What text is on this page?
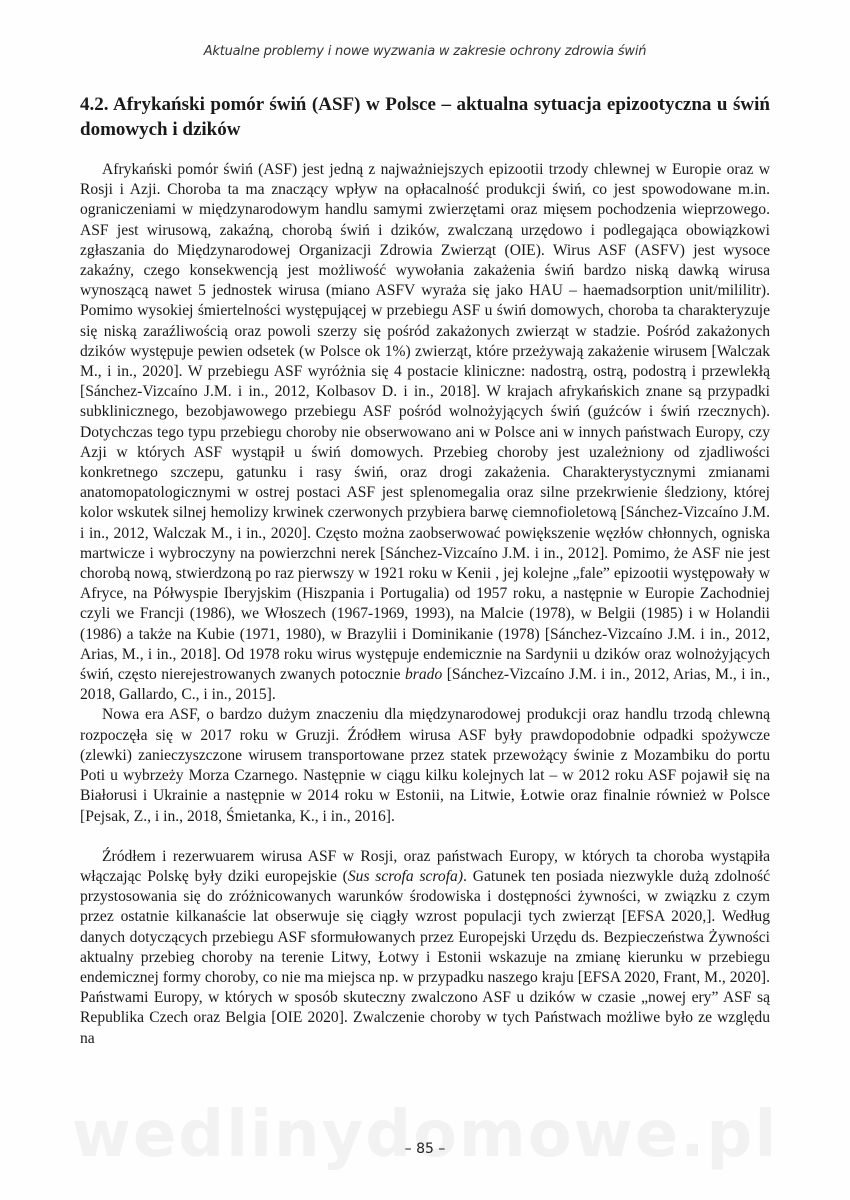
Aktualne problemy i nowe wyzwania w zakresie ochrony zdrowia świń
4.2. Afrykański pomór świń (ASF) w Polsce – aktualna sytuacja epizootyczna u świń domowych i dzików

Afrykański pomór świń (ASF) jest jedną z najważniejszych epizootii trzody chlewnej w Europie oraz w Rosji i Azji. Choroba ta ma znaczący wpływ na opłacalność produkcji świń, co jest spowodowane m.in. ograniczeniami w międzynarodowym handlu samymi zwierzętami oraz mięsem pochodzenia wieprzowego. ASF jest wirusową, zakaźną, chorobą świń i dzików, zwalczaną urzędowo i podlegająca obowiązkowi zgłaszania do Międzynarodowej Organizacji Zdrowia Zwierząt (OIE). Wirus ASF (ASFV) jest wysoce zakaźny, czego konsekwencją jest możliwość wywołania zakażenia świń bardzo niską dawką wirusa wynoszącą nawet 5 jednostek wirusa (miano ASFV wyraża się jako HAU – haemadsorption unit/mililitr). Pomimo wysokiej śmiertelności występującej w przebiegu ASF u świń domowych, choroba ta charakteryzuje się niską zaraźliwością oraz powoli szerzy się pośród zakażonych zwierząt w stadzie. Pośród zakażonych dzików występuje pewien odsetek (w Polsce ok 1%) zwierząt, które przeżywają zakażenie wirusem [Walczak M., i in., 2020]. W przebiegu ASF wyróżnia się 4 postacie kliniczne: nadostrą, ostrą, podostrą i przewlekłą [Sánchez-Vizcaíno J.M. i in., 2012, Kolbasov D. i in., 2018]. W krajach afrykańskich znane są przypadki subklinicznego, bezobjawowego przebiegu ASF pośród wolnożyjących świń (guźców i świń rzecznych). Dotychczas tego typu przebiegu choroby nie obserwowano ani w Polsce ani w innych państwach Europy, czy Azji w których ASF wystąpił u świń domowych. Przebieg choroby jest uzależniony od zjadliwości konkretnego szczepu, gatunku i rasy świń, oraz drogi zakażenia. Charakterystycznymi zmianami anatomopatologicznymi w ostrej postaci ASF jest splenomegalia oraz silne przekrwienie śledziony, której kolor wskutek silnej hemolizy krwinek czerwonych przybiera barwę ciemnofioletową [Sánchez-Vizcaíno J.M. i in., 2012, Walczak M., i in., 2020]. Często można zaobserwować powiększenie węzłów chłonnych, ogniska martwicze i wybroczyny na powierzchni nerek [Sánchez-Vizcaíno J.M. i in., 2012]. Pomimo, że ASF nie jest chorobą nową, stwierdzoną po raz pierwszy w 1921 roku w Kenii , jej kolejne „fale” epizootii występowały w Afryce, na Półwyspie Iberyjskim (Hiszpania i Portugalia) od 1957 roku, a następnie w Europie Zachodniej czyli we Francji (1986), we Włoszech (1967-1969, 1993), na Malcie (1978), w Belgii (1985) i w Holandii (1986) a także na Kubie (1971, 1980), w Brazylii i Dominikanie (1978) [Sánchez-Vizcaíno J.M. i in., 2012, Arias, M., i in., 2018]. Od 1978 roku wirus występuje endemicznie na Sardynii u dzików oraz wolnożyjących świń, często nierejestrowanych zwanych potocznie brado [Sánchez-Vizcaíno J.M. i in., 2012, Arias, M., i in., 2018, Gallardo, C., i in., 2015].

Nowa era ASF, o bardzo dużym znaczeniu dla międzynarodowej produkcji oraz handlu trzodą chlewną rozpoczęła się w 2017 roku w Gruzji. Źródłem wirusa ASF były prawdopodobnie odpadki spożywcze (zlewki) zanieczyszczone wirusem transportowane przez statek przewożący świnie z Mozambiku do portu Poti u wybrzeży Morza Czarnego. Następnie w ciągu kilku kolejnych lat – w 2012 roku ASF pojawił się na Białorusi i Ukrainie a następnie w 2014 roku w Estonii, na Litwie, Łotwie oraz finalnie również w Polsce [Pejsak, Z., i in., 2018, Śmietanka, K., i in., 2016].

Źródłem i rezerwuarem wirusa ASF w Rosji, oraz państwach Europy, w których ta choroba wystąpiła włączając Polskę były dziki europejskie (Sus scrofa scrofa). Gatunek ten posiada niezwykle dużą zdolność przystosowania się do zróżnicowanych warunków środowiska i dostępności żywności, w związku z czym przez ostatnie kilkanaście lat obserwuje się ciągły wzrost populacji tych zwierząt [EFSA 2020,]. Według danych dotyczących przebiegu ASF sformułowanych przez Europejski Urzędu ds. Bezpieczeństwa Żywności aktualny przebieg choroby na terenie Litwy, Łotwy i Estonii wskazuje na zmianę kierunku w przebiegu endemicznej formy choroby, co nie ma miejsca np. w przypadku naszego kraju [EFSA 2020, Frant, M., 2020]. Państwami Europy, w których w sposób skuteczny zwalczono ASF u dzików w czasie „nowej ery” ASF są Republika Czech oraz Belgia [OIE 2020]. Zwalczenie choroby w tych Państwach możliwe było ze względu na

– 85 –
